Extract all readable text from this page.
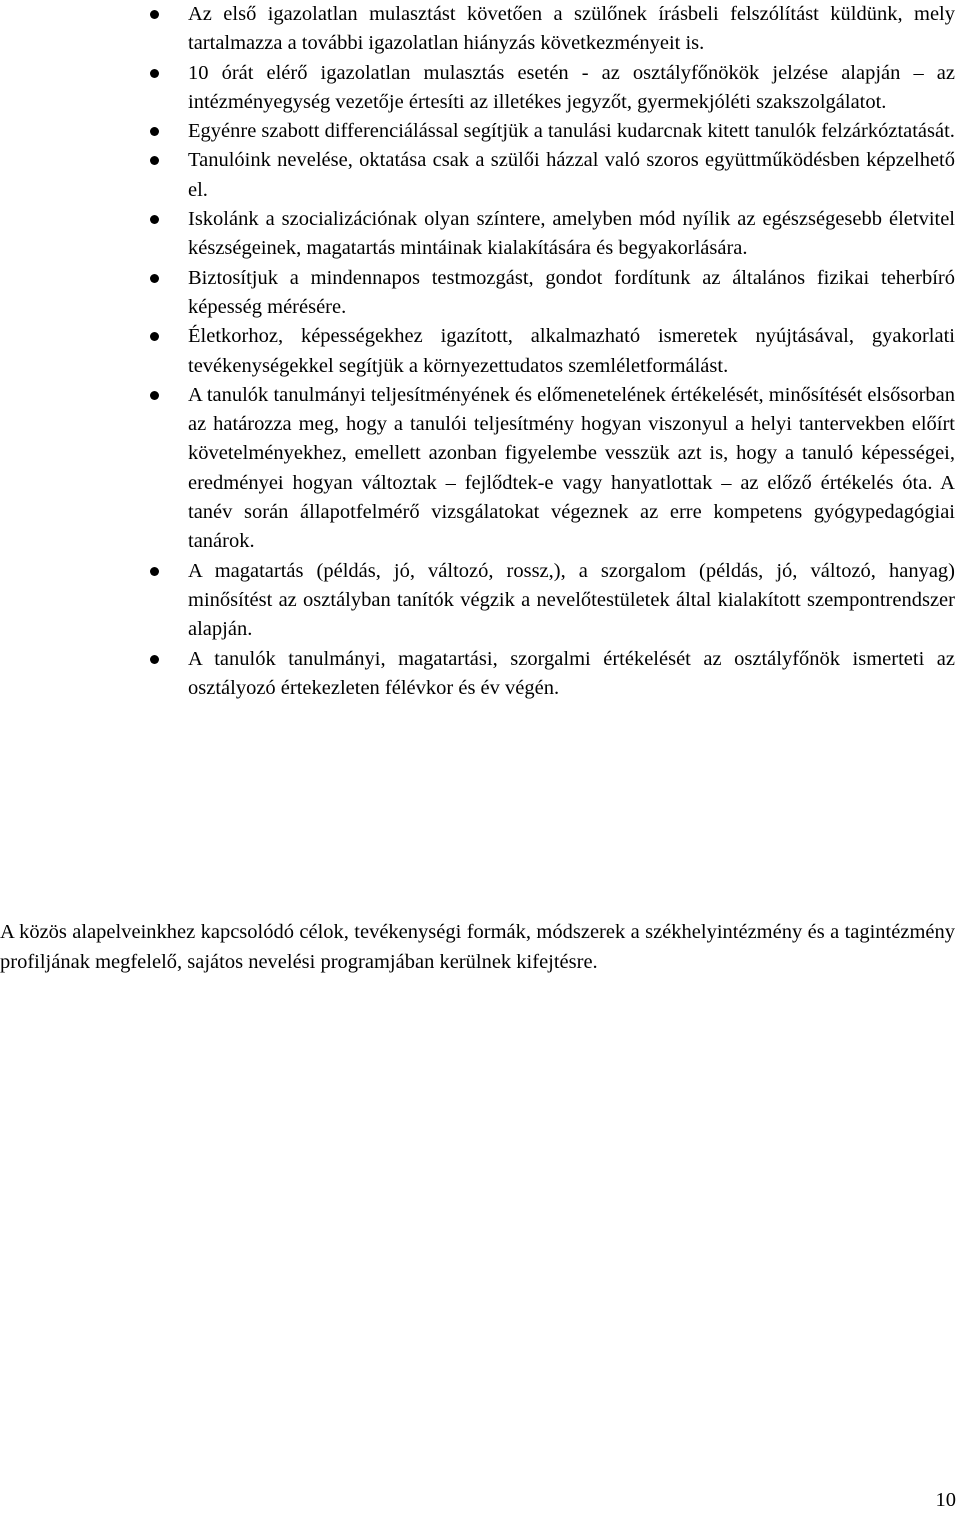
Az első igazolatlan mulasztást követően a szülőnek írásbeli felszólítást küldünk, mely tartalmazza a további igazolatlan hiányzás következményeit is.
10 órát elérő igazolatlan mulasztás esetén - az osztályfőnökök jelzése alapján – az intézményegység vezetője értesíti az illetékes jegyzőt, gyermekjóléti szakszolgálatot.
Egyénre szabott differenciálással segítjük a tanulási kudarcnak kitett tanulók felzárkóztatását.
Tanulóink nevelése, oktatása csak a szülői házzal való szoros együttműködésben képzelhető el.
Iskolánk a szocializációnak olyan színtere, amelyben mód nyílik az egészségesebb életvitel készségeinek, magatartás mintáinak kialakítására és begyakorlására.
Biztosítjuk a mindennapos testmozgást, gondot fordítunk az általános fizikai teherbíró képesség mérésére.
Életkorhoz, képességekhez igazított, alkalmazható ismeretek nyújtásával, gyakorlati tevékenységekkel segítjük a környezettudatos szemléletformálást.
A tanulók tanulmányi teljesítményének és előmenetelének értékelését, minősítését elsősorban az határozza meg, hogy a tanulói teljesítmény hogyan viszonyul a helyi tantervekben előírt követelményekhez, emellett azonban figyelembe vesszük azt is, hogy a tanuló képességei, eredményei hogyan változtak – fejlődtek-e vagy hanyatlottak – az előző értékelés óta. A tanév során állapotfelmérő vizsgálatokat végeznek az erre kompetens gyógypedagógiai tanárok.
A magatartás (példás, jó, változó, rossz,), a szorgalom (példás, jó, változó, hanyag) minősítést az osztályban tanítók végzik a nevelőtestületek által kialakított szempontrendszer alapján.
A tanulók tanulmányi, magatartási, szorgalmi értékelését az osztályfőnök ismerteti az osztályozó értekezleten félévkor és év végén.

A közös alapelveinkhez kapcsolódó célok, tevékenységi formák, módszerek a székhelyintézmény és a tagintézmény profiljának megfelelő, sajátos nevelési programjában kerülnek kifejtésre.

10
